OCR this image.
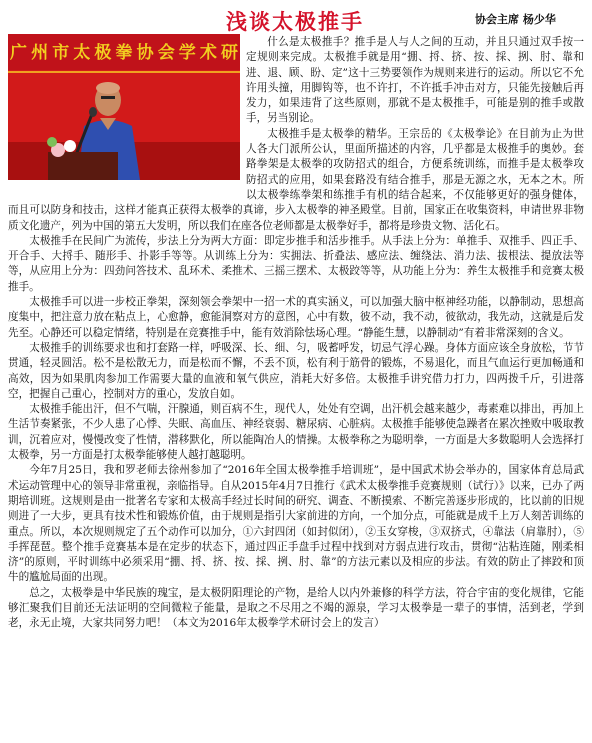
浅谈太极推手	协会主席 杨少华
广州市太极拳协会学术研

什么是太极推手？推手是人与人之间的互动，并且只通过双手按一定规则来完成。太极推手就是用“掤、捋、挤、按、採、挒、肘、靠和进、退、顾、盼、定”这十三势要领作为规则来进行的运动。所以它不允许用头撞，用脚钩等，也不许打，不许抵手冲击对方，只能先接触后再发力，如果违背了这些原则，那就不是太极推手，可能是别的推手或散手，另当别论。

太极推手是太极拳的精华。王宗岳的《太极拳论》在目前为止为世人各大门派所公认，里面所描述的内容，几乎都是太极推手的奥妙。套路拳架是太极拳的攻防招式的组合，方便系统训练，而推手是太极拳攻防招式的应用，如果套路没有结合推手，那是无源之水，无本之木。所以太极拳练拳架和练推手有机的结合起来，不仅能够更好的强身健体，而且可以防身和技击，这样才能真正获得太极拳的真谛，步入太极拳的神圣殿堂。目前，国家正在收集资料，申请世界非物质文化遗产，列为中国的第五大发明，所以我们在座各位老师都是太极拳好手，都将是珍贵文物、活化石。

太极推手在民间广为流传，步法上分为两大方面：即定步推手和活步推手。从手法上分为：单推手、双推手、四正手、开合手、大捋手、随形手、扑影手等等。从训练上分为：实拥法、折叠法、感应法、缠绕法、消力法、拔根法、提放法等等，从应用上分为：四劲问答技术、乱环术、柔推术、三摇三摆术、太极跤等等，从功能上分为：养生太极推手和竞赛太极推手。

太极推手可以进一步校正拳架，深刻领会拳架中一招一术的真实涵义，可以加强大脑中枢神经功能，以静制动，思想高度集中，把注意力放在粘点上，心愈静，愈能洞察对方的意图，心中有数，彼不动，我不动，彼欲动，我先动，这就是后发先至。心静还可以稳定情绪，特别是在竞赛推手中，能有效消除怯场心理。“静能生慧，以静制动”有着非常深刻的含义。

太极推手的训练要求也和打套路一样，呼吸深、长、细、匀，吸蓄呼发，切忌气浮心躁。身体方面应该全身放松，节节贯通，轻灵圆活。松不是松散无力，而是松而不懈，不丢不顶，松有利于筋骨的锻炼，不易退化，而且气血运行更加畅通和高效，因为如果肌肉参加工作需要大量的血液和氧气供应，消耗大好多倍。太极推手讲究借力打力，四两拨千斤，引进落空，把握自己重心，控制对方的重心，发放自如。

太极推手能出汗，但不气喘，汗腺通，则百病不生，现代人，处处有空调，出汗机会越来越少，毒素难以排出，再加上生活节奏紧张，不少人患了心悸、失眠、高血压、神经衰弱、糖尿病、心脏病。太极推手能够使急躁者在累次挫败中吸取教训，沉着应对，慢慢改变了性情，潜移默化，所以能陶冶人的情操。太极拳称之为聪明拳，一方面是大多数聪明人会选择打太极拳，另一方面是打太极拳能够使人越打越聪明。

今年7月25日，我和罗老师去徐州参加了“2016年全国太极拳推手培训班”，是中国武术协会举办的，国家体育总局武术运动管理中心的领导非常重视，亲临指导。自从2015年4月7日推行《武术太极拳推手竞赛规则（试行）》以来，已办了两期培训班。这规则是由一批著名专家和太极高手经过长时间的研究、调查、不断摸索、不断完善逐步形成的，比以前的旧规则进了一大步，更具有技术性和锻炼价值，由于规则是指引大家前进的方向，一个加分点，可能就是成千上万人刻苦训练的重点。所以，本次规则规定了五个动作可以加分，①六封四闭（如封似闭），②玉女穿梭，③双挤式，④靠法（肩靠肘），⑤手挥琵琶。整个推手竞赛基本是在定步的状态下，通过四正手盘手过程中找到对方弱点进行攻击，贯彻“沾粘连随，刚柔相济”的原则，平时训练中必须采用“掤、捋、挤、按、採、挒、肘、靠”的方法元素以及相应的步法。有效的防止了摔跤和顶牛的尴尬局面的出现。

总之，太极拳是中华民族的瑰宝，是太极阴阳理论的产物，是给人以内外兼修的科学方法，符合宇宙的变化规律，它能够汇聚我们目前还无法证明的空间微粒子能量，是取之不尽用之不竭的源泉，学习太极拳是一辈子的事情，活到老，学到老，永无止境，大家共同努力吧！（本文为2016年太极拳学术研讨会上的发言）
